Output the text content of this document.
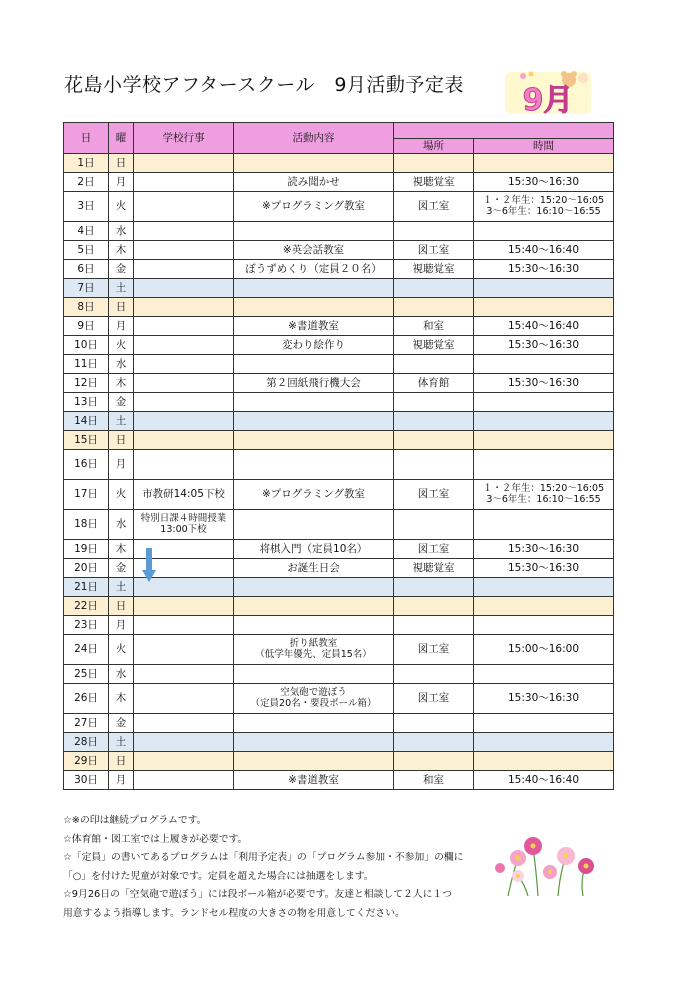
花島小学校アフタースクール　9月活動予定表 9月
日	曜	学校行事	活動内容		
				場所	時間

1日	日				

2日	月		読み聞かせ	視聴覚室	15:30～16:30

3日	火		※プログラミング教室	図工室	１・２年生：15:20～16:05
3～6年生：16:10～16:55

4日	水				

5日	木		※英会話教室	図工室	15:40～16:40

6日	金		ぼうずめくり（定員２０名）	視聴覚室	15:30～16:30

7日	土				

8日	日				

9日	月		※書道教室	和室	15:40～16:40

10日	火		変わり絵作り	視聴覚室	15:30～16:30

11日	水				

12日	木		第２回紙飛行機大会	体育館	15:30～16:30

13日	金				

14日	土				

15日	日				

16日	月				

17日	火	市教研14:05下校	※プログラミング教室	図工室	１・２年生：15:20～16:05
3～6年生：16:10～16:55

18日	水	特別日課４時間授業
13:00下校			

19日	木		将棋入門（定員10名）	図工室	15:30～16:30

20日	金		お誕生日会	視聴覚室	15:30～16:30

21日	土				

22日	日				

23日	月				

24日	火		折り紙教室
（低学年優先、定員15名）	図工室	15:00～16:00

25日	水				

26日	木		空気砲で遊ぼう
（定員20名・要段ボール箱）	図工室	15:30～16:30

27日	金				

28日	土				

29日	日				

30日	月		※書道教室	和室	15:40～16:40
☆※の印は継続プログラムです。
☆体育館・図工室では上履きが必要です。
☆「定員」の書いてあるプログラムは「利用予定表」の「プログラム参加・不参加」の欄に
「○」を付けた児童が対象です。定員を超えた場合には抽選をします。
☆9月26日の「空気砲で遊ぼう」には段ボール箱が必要です。友達と相談して２人に１つ
用意するよう指導します。ランドセル程度の大きさの物を用意してください。
